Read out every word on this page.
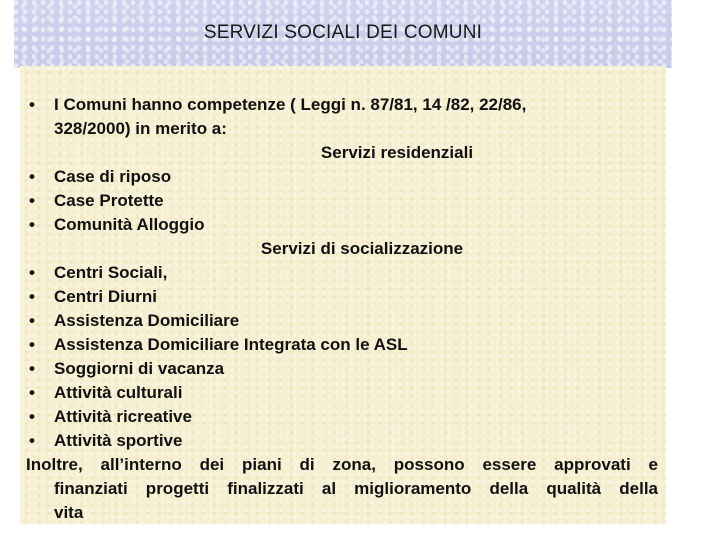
SERVIZI SOCIALI DEI COMUNI
• I Comuni hanno competenze ( Leggi n. 87/81, 14 /82, 22/86,
328/2000) in merito a:
Servizi residenziali
• Case di riposo
• Case Protette
• Comunità Alloggio
Servizi di socializzazione
• Centri Sociali,
• Centri Diurni
• Assistenza Domiciliare
• Assistenza Domiciliare Integrata con le ASL
• Soggiorni di vacanza
• Attività culturali
• Attività ricreative
• Attività sportive
Inoltre, all’interno dei piani di zona, possono essere approvati e
finanziati progetti finalizzati al miglioramento della qualità della
vita
